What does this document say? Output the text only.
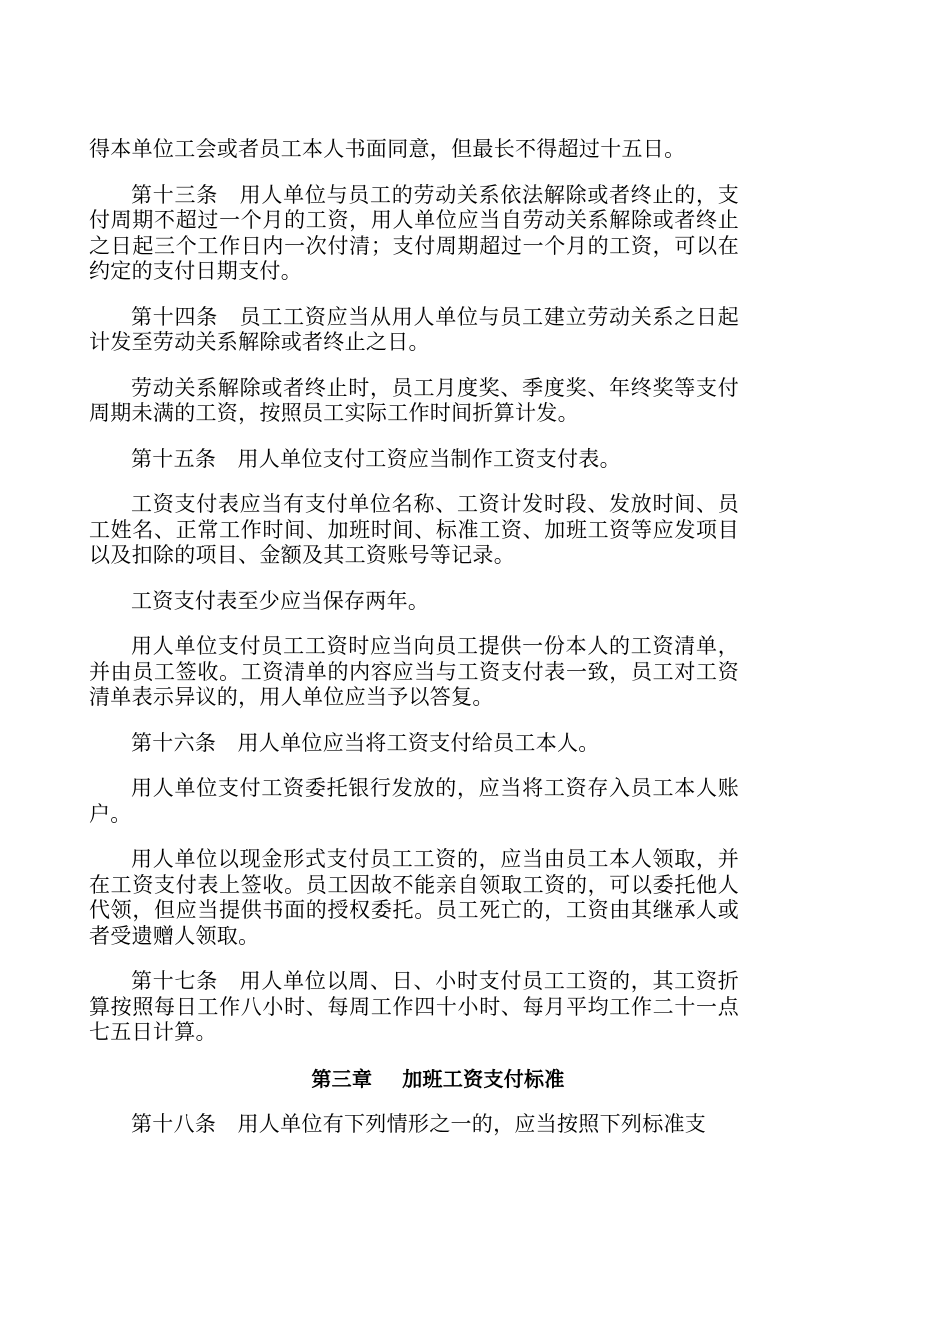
得本单位工会或者员工本人书面同意，但最长不得超过十五日。

第十三条　用人单位与员工的劳动关系依法解除或者终止的，支付周期不超过一个月的工资，用人单位应当自劳动关系解除或者终止之日起三个工作日内一次付清；支付周期超过一个月的工资，可以在约定的支付日期支付。

第十四条　员工工资应当从用人单位与员工建立劳动关系之日起计发至劳动关系解除或者终止之日。

劳动关系解除或者终止时，员工月度奖、季度奖、年终奖等支付周期未满的工资，按照员工实际工作时间折算计发。

第十五条　用人单位支付工资应当制作工资支付表。

工资支付表应当有支付单位名称、工资计发时段、发放时间、员工姓名、正常工作时间、加班时间、标准工资、加班工资等应发项目以及扣除的项目、金额及其工资账号等记录。

工资支付表至少应当保存两年。

用人单位支付员工工资时应当向员工提供一份本人的工资清单，并由员工签收。工资清单的内容应当与工资支付表一致，员工对工资清单表示异议的，用人单位应当予以答复。

第十六条　用人单位应当将工资支付给员工本人。

用人单位支付工资委托银行发放的，应当将工资存入员工本人账户。

用人单位以现金形式支付员工工资的，应当由员工本人领取，并在工资支付表上签收。员工因故不能亲自领取工资的，可以委托他人代领，但应当提供书面的授权委托。员工死亡的，工资由其继承人或者受遗赠人领取。

第十七条　用人单位以周、日、小时支付员工工资的，其工资折算按照每日工作八小时、每周工作四十小时、每月平均工作二十一点七五日计算。

第三章 加班工资支付标准

第十八条　用人单位有下列情形之一的，应当按照下列标准支
